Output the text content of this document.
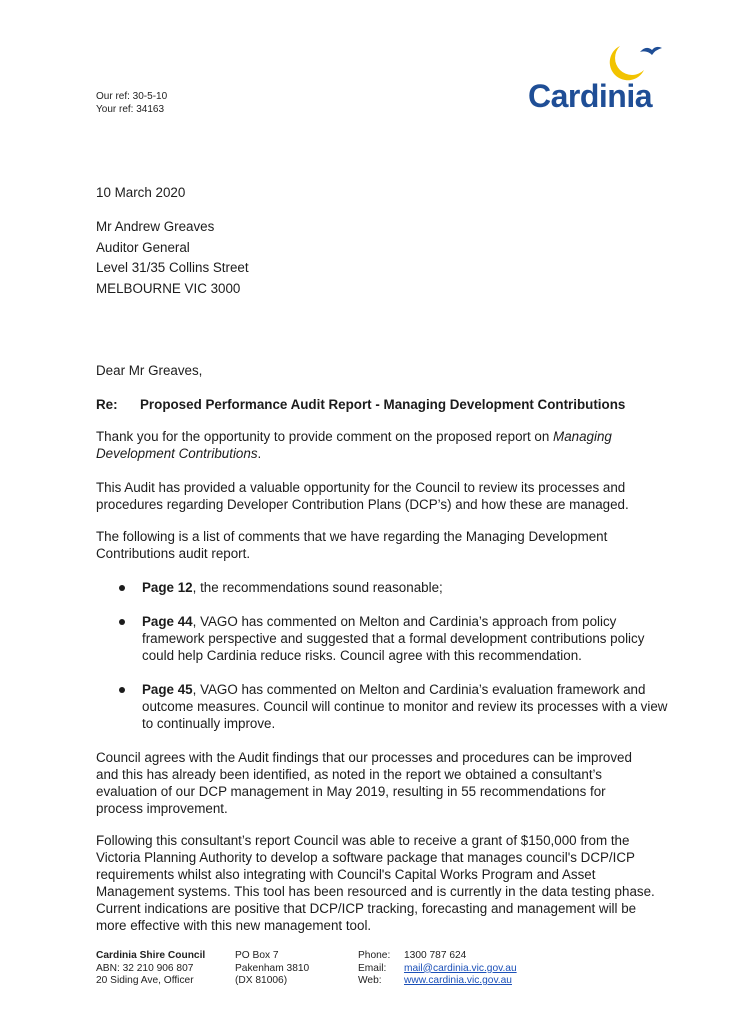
Our ref: 30-5-10
Your ref: 34163	Cardinia
10 March 2020
Mr Andrew Greaves
Auditor General
Level 31/35 Collins Street
MELBOURNE VIC 3000
Dear Mr Greaves,
Re: Proposed Performance Audit Report - Managing Development Contributions
Thank you for the opportunity to provide comment on the proposed report on Managing Development Contributions.
This Audit has provided a valuable opportunity for the Council to review its processes and procedures regarding Developer Contribution Plans (DCP’s) and how these are managed.
The following is a list of comments that we have regarding the Managing Development Contributions audit report.
Page 12, the recommendations sound reasonable;
Page 44, VAGO has commented on Melton and Cardinia’s approach from policy framework perspective and suggested that a formal development contributions policy could help Cardinia reduce risks. Council agree with this recommendation.
Page 45, VAGO has commented on Melton and Cardinia’s evaluation framework and outcome measures. Council will continue to monitor and review its processes with a view to continually improve.
Council agrees with the Audit findings that our processes and procedures can be improved and this has already been identified, as noted in the report we obtained a consultant’s evaluation of our DCP management in May 2019, resulting in 55 recommendations for process improvement.
Following this consultant’s report Council was able to receive a grant of $150,000 from the Victoria Planning Authority to develop a software package that manages council's DCP/ICP requirements whilst also integrating with Council's Capital Works Program and Asset Management systems. This tool has been resourced and is currently in the data testing phase. Current indications are positive that DCP/ICP tracking, forecasting and management will be more effective with this new management tool.
Cardinia Shire Council
ABN: 32 210 906 807
20 Siding Ave, Officer
PO Box 7
Pakenham 3810
(DX 81006)
Phone:
Email:
Web:
1300 787 624
mail@cardinia.vic.gov.au
www.cardinia.vic.gov.au
